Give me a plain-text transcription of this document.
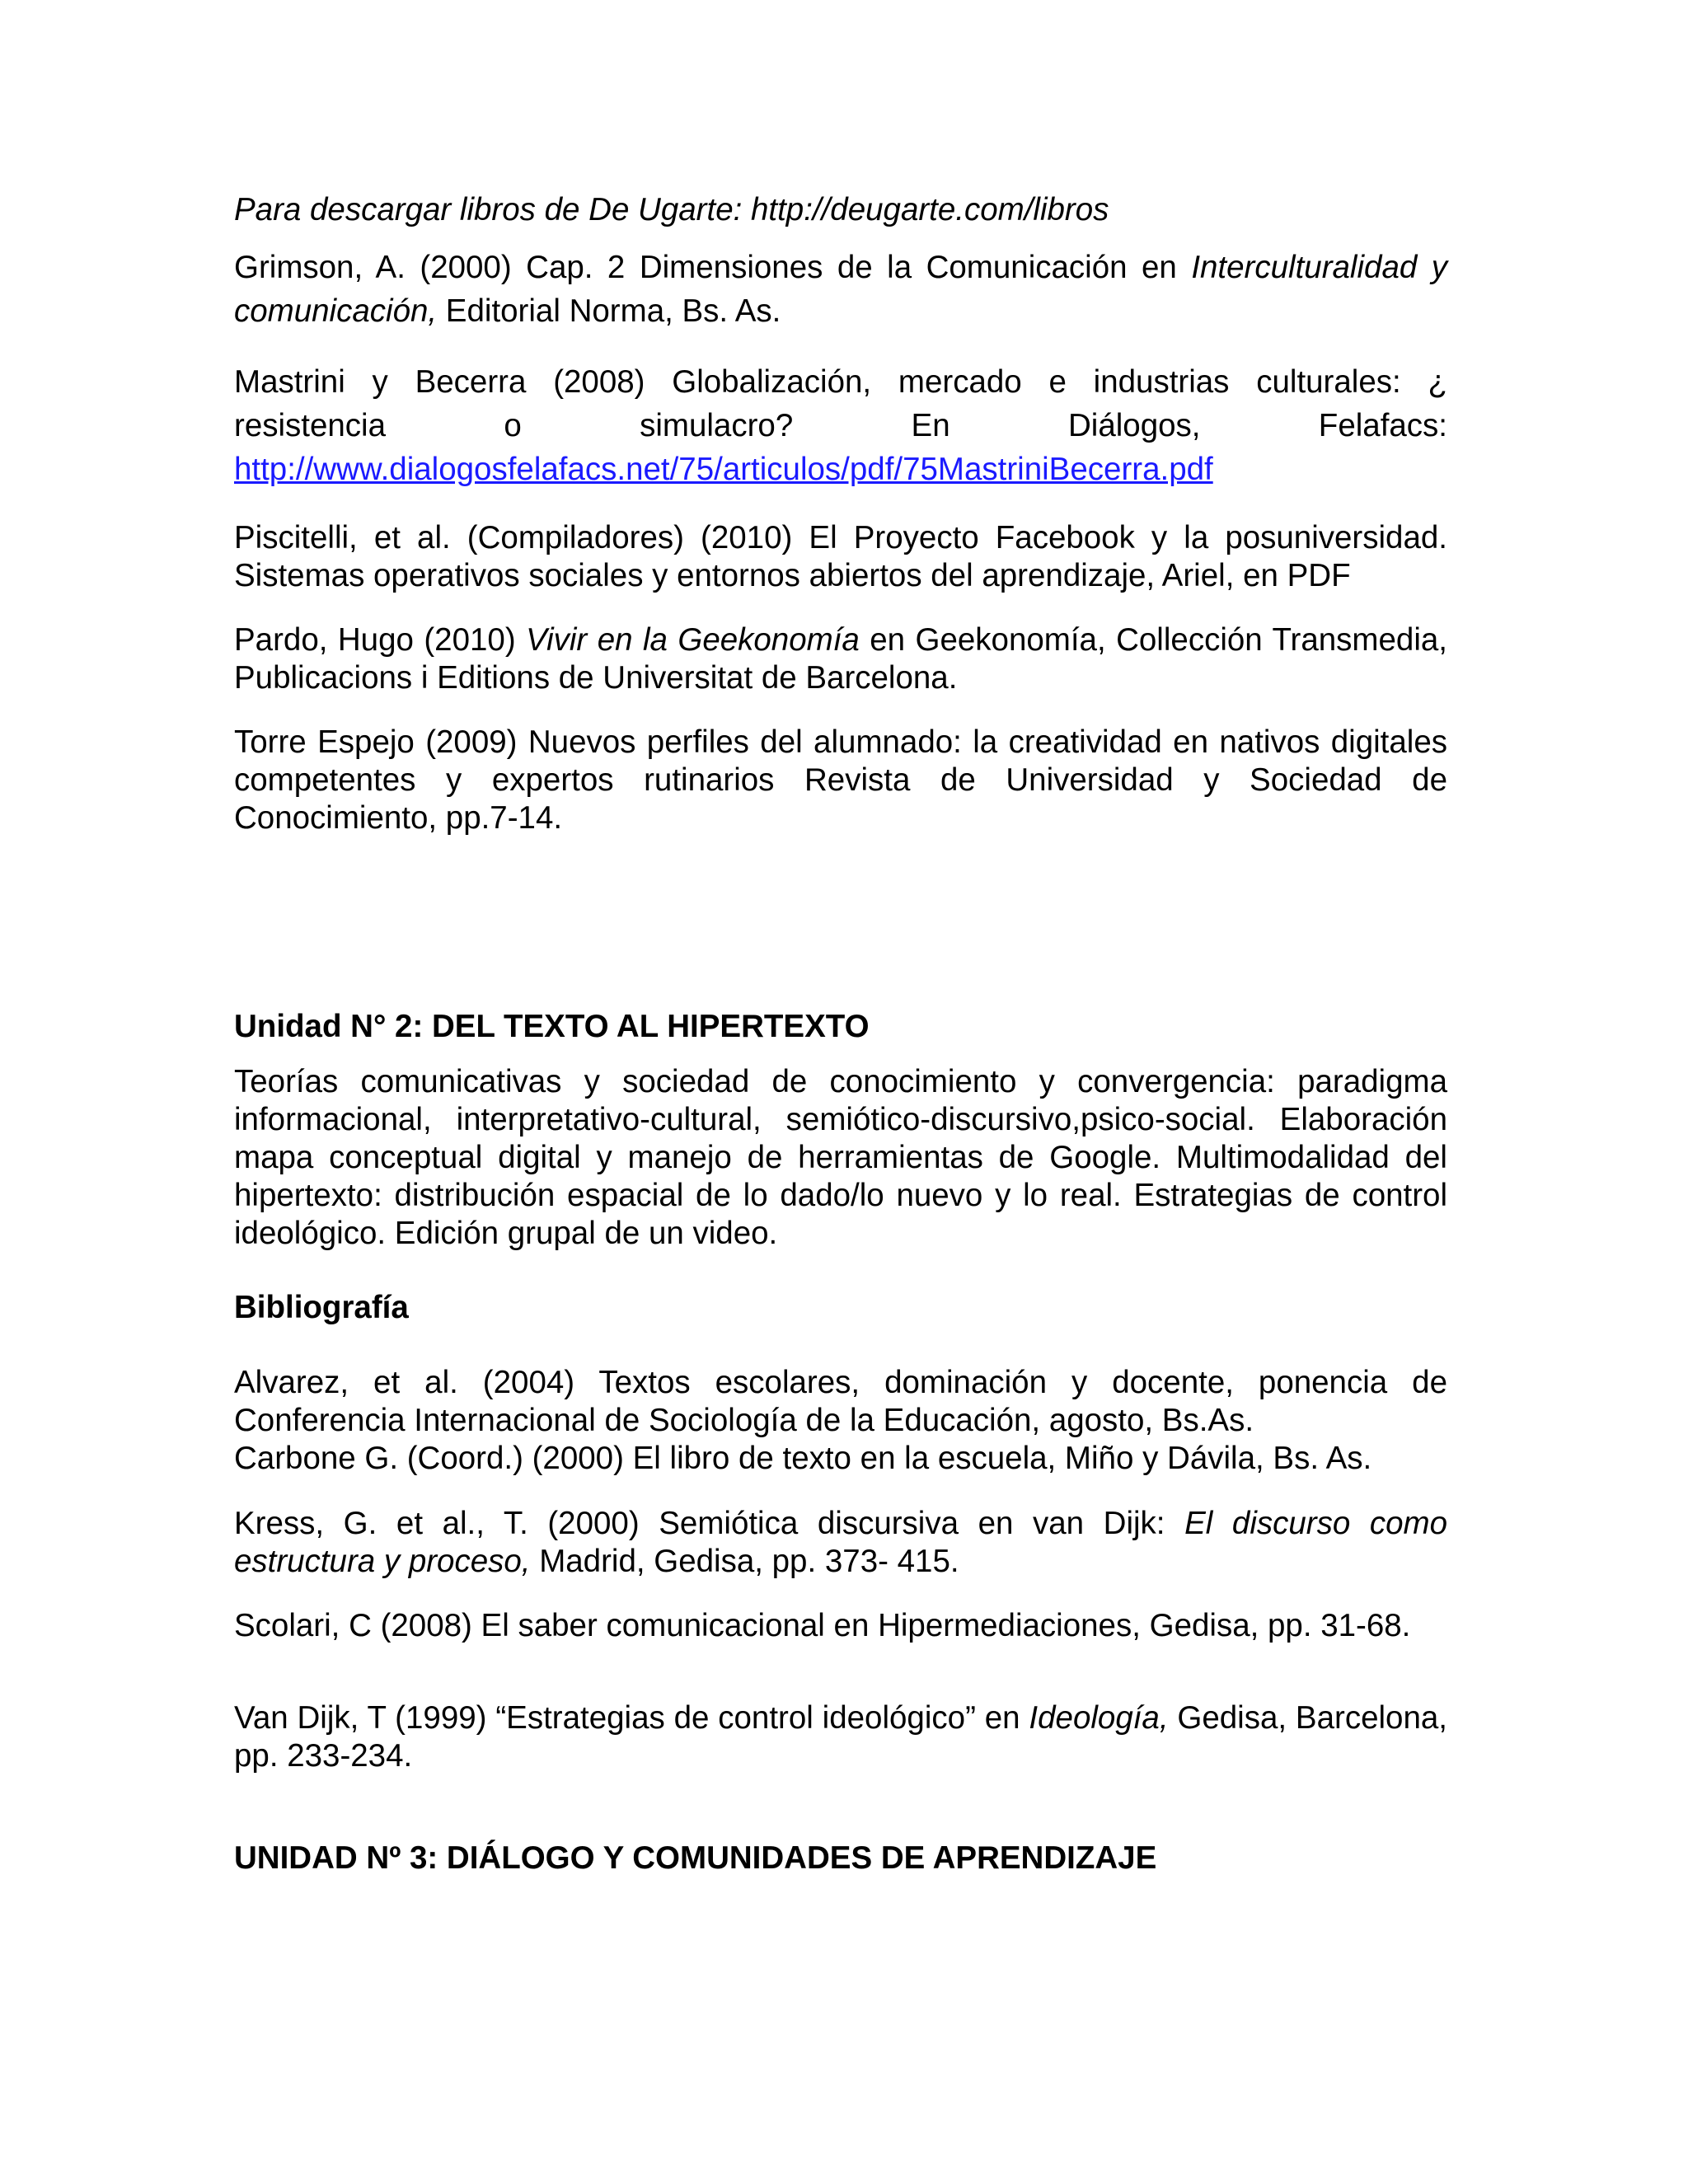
Para descargar libros de De Ugarte: http://deugarte.com/libros

Grimson, A. (2000) Cap. 2 Dimensiones de la Comunicación en Interculturalidad y comunicación, Editorial Norma, Bs. As.

Mastrini y Becerra (2008) Globalización, mercado e industrias culturales: ¿
resistencia o simulacro? En Diálogos, Felafacs:
http://www.dialogosfelafacs.net/75/articulos/pdf/75MastriniBecerra.pdf

Piscitelli, et al. (Compiladores) (2010) El Proyecto Facebook y la posuniversidad. Sistemas operativos sociales y entornos abiertos del aprendizaje, Ariel, en PDF

Pardo, Hugo (2010) Vivir en la Geekonomía en Geekonomía, Collección Transmedia, Publicacions i Editions de Universitat de Barcelona.

Torre Espejo (2009) Nuevos perfiles del alumnado: la creatividad en nativos digitales competentes y expertos rutinarios Revista de Universidad y Sociedad de Conocimiento, pp.7-14.

Unidad N° 2: DEL TEXTO AL HIPERTEXTO

Teorías comunicativas y sociedad de conocimiento y convergencia: paradigma informacional, interpretativo-cultural, semiótico-discursivo,psico-social. Elaboración mapa conceptual digital y manejo de herramientas de Google. Multimodalidad del hipertexto: distribución espacial de lo dado/lo nuevo y lo real. Estrategias de control ideológico. Edición grupal de un video.

Bibliografía

Alvarez, et al. (2004) Textos escolares, dominación y docente, ponencia de Conferencia Internacional de Sociología de la Educación, agosto, Bs.As.
Carbone G. (Coord.) (2000) El libro de texto en la escuela, Miño y Dávila, Bs. As.

Kress, G. et al., T. (2000) Semiótica discursiva en van Dijk: El discurso como estructura y proceso, Madrid, Gedisa, pp. 373- 415.

Scolari, C (2008) El saber comunicacional en Hipermediaciones, Gedisa, pp. 31-68.

Van Dijk, T (1999) “Estrategias de control ideológico” en Ideología, Gedisa, Barcelona, pp. 233-234.

UNIDAD Nº 3: DIÁLOGO Y COMUNIDADES DE APRENDIZAJE
